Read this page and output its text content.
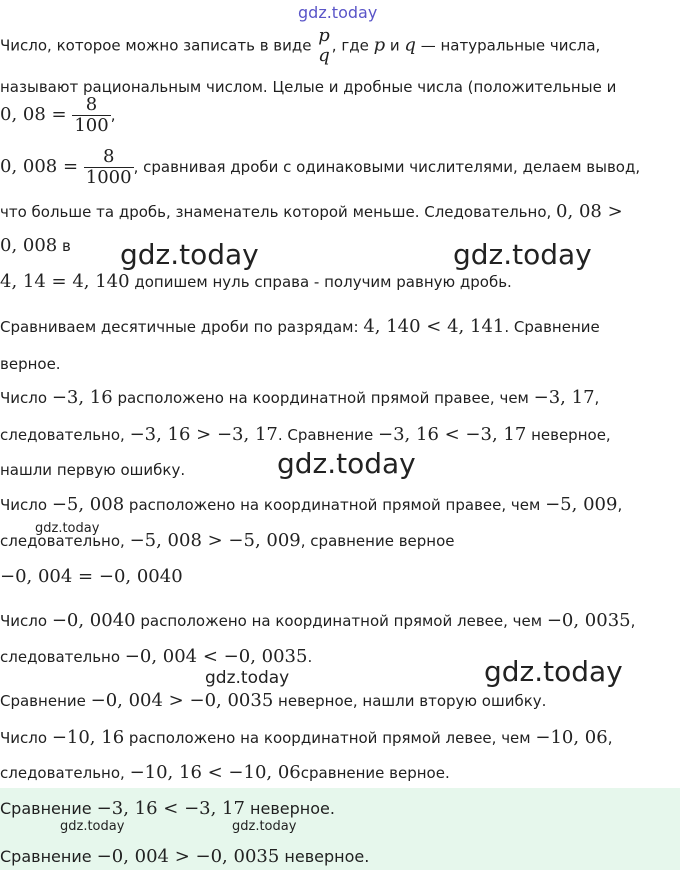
gdz.today
gdz.today	gdz.today
gdz.today
gdz.today
gdz.today
gdz.today
gdz.today	gdz.today
Число, которое можно записать в виде p
q , где p и q — натуральные числа,
называют рациональным числом. Целые и дробные числа (положительные и
0, $08 = \frac{8}{100}$ ,
0, $008 = \frac{8}{1000}$ , сравнивая дроби с одинаковыми числителями, делаем вывод,
что больше та дробь, знаменатель которой меньше. Следовательно, 0, 08 >
0, 008 в
4, 14 = 4, 140 допишем нуль справа - получим равную дробь.
Сравниваем десятичные дроби по разрядам: 4, 140 < 4, 141. Сравнение
верное.
Число −3, 16 расположено на координатной прямой правее, чем −3, 17,
следовательно, −3, 16 > −3, 17. Сравнение −3, 16 < −3, 17 неверное,
нашли первую ошибку.
Число −5, 008 расположено на координатной прямой правее, чем −5, 009,
следовательно, −5, 008 > −5, 009, сравнение верное
−0, 004 = −0, 0040
Число −0, 0040 расположено на координатной прямой левее, чем −0, 0035,
следовательно −0, 004 < −0, 0035.
Сравнение −0, 004 > −0, 0035 неверное, нашли вторую ошибку.
Число −10, 16 расположено на координатной прямой левее, чем −10, 06,
следовательно, −10, 16 < −10, 06сравнение верное.
Сравнение −3, 16 < −3, 17 неверное.
Сравнение −0, 004 > −0, 0035 неверное.
